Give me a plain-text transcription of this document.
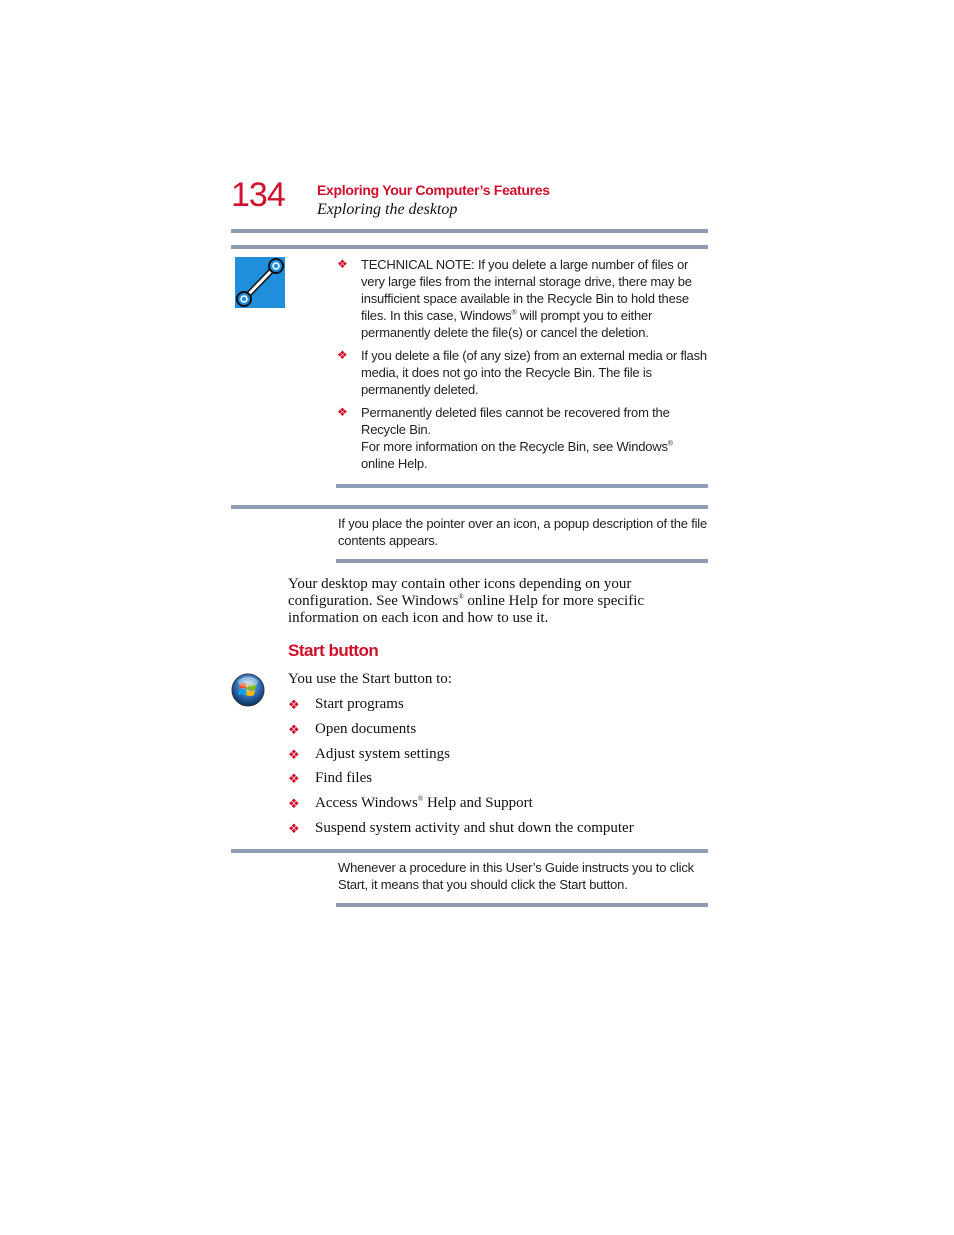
134 Exploring Your Computer’s Features
Exploring the desktop
❖ TECHNICAL NOTE: If you delete a large number of files or very large files from the internal storage drive, there may be insufficient space available in the Recycle Bin to hold these files. In this case, Windows® will prompt you to either permanently delete the file(s) or cancel the deletion.
❖ If you delete a file (of any size) from an external media or flash media, it does not go into the Recycle Bin. The file is permanently deleted.
❖ Permanently deleted files cannot be recovered from the Recycle Bin.
For more information on the Recycle Bin, see Windows® online Help.
If you place the pointer over an icon, a popup description of the file contents appears.
Your desktop may contain other icons depending on your configuration. See Windows® online Help for more specific information on each icon and how to use it.
Start button
You use the Start button to:
❖ Start programs
❖ Open documents
❖ Adjust system settings
❖ Find files
❖ Access Windows® Help and Support
❖ Suspend system activity and shut down the computer
Whenever a procedure in this User’s Guide instructs you to click Start, it means that you should click the Start button.
